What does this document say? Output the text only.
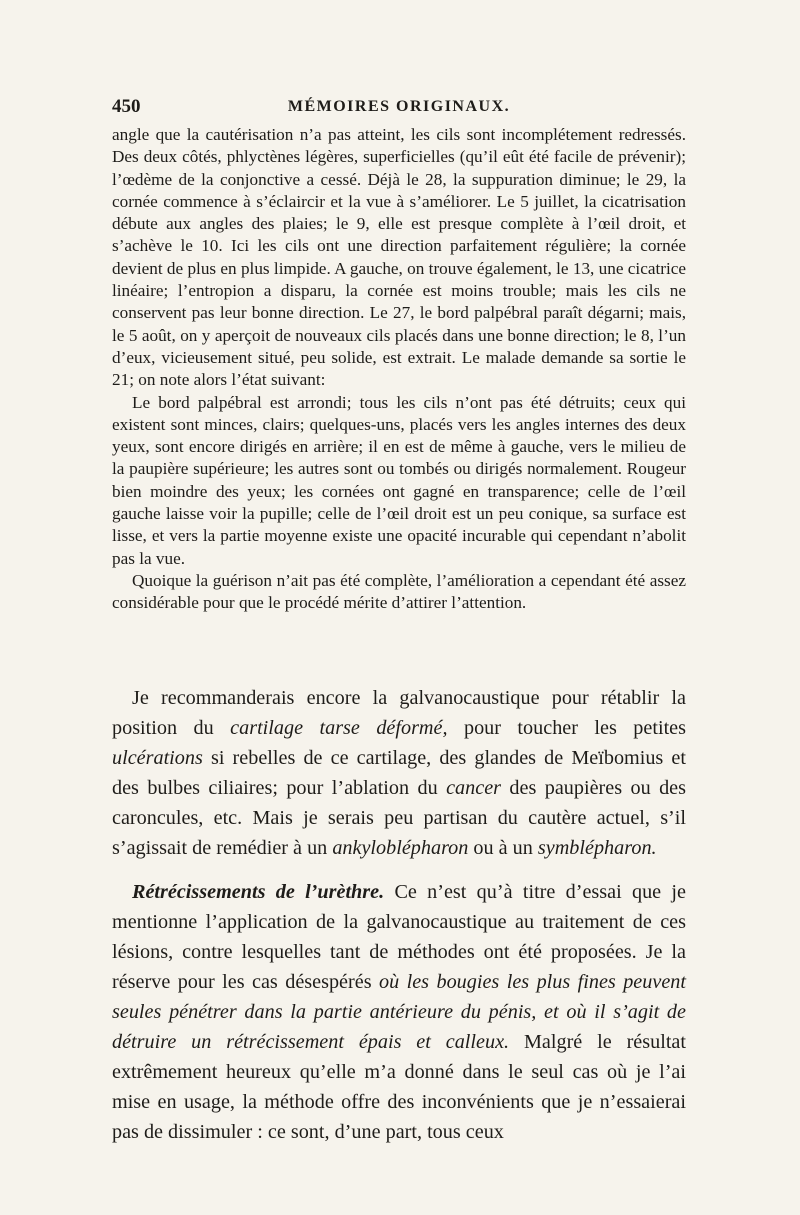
450	MÉMOIRES ORIGINAUX.

angle que la cautérisation n’a pas atteint, les cils sont incomplétement redressés. Des deux côtés, phlyctènes légères, superficielles (qu’il eût été facile de prévenir); l’œdème de la conjonctive a cessé. Déjà le 28, la suppuration diminue; le 29, la cornée commence à s’éclaircir et la vue à s’améliorer. Le 5 juillet, la cicatrisation débute aux angles des plaies; le 9, elle est presque complète à l’œil droit, et s’achève le 10. Ici les cils ont une direction parfaitement régulière; la cornée devient de plus en plus limpide. A gauche, on trouve également, le 13, une cicatrice linéaire; l’entropion a disparu, la cornée est moins trouble; mais les cils ne conservent pas leur bonne direction. Le 27, le bord palpébral paraît dégarni; mais, le 5 août, on y aperçoit de nouveaux cils placés dans une bonne direction; le 8, l’un d’eux, vicieusement situé, peu solide, est extrait. Le malade demande sa sortie le 21; on note alors l’état suivant:

Le bord palpébral est arrondi; tous les cils n’ont pas été détruits; ceux qui existent sont minces, clairs; quelques-uns, placés vers les angles internes des deux yeux, sont encore dirigés en arrière; il en est de même à gauche, vers le milieu de la paupière supérieure; les autres sont ou tombés ou dirigés normalement. Rougeur bien moindre des yeux; les cornées ont gagné en transparence; celle de l’œil gauche laisse voir la pupille; celle de l’œil droit est un peu conique, sa surface est lisse, et vers la partie moyenne existe une opacité incurable qui cependant n’abolit pas la vue.

Quoique la guérison n’ait pas été complète, l’amélioration a cependant été assez considérable pour que le procédé mérite d’attirer l’attention.

Je recommanderais encore la galvanocaustique pour rétablir la position du cartilage tarse déformé, pour toucher les petites ulcérations si rebelles de ce cartilage, des glandes de Meïbomius et des bulbes ciliaires; pour l’ablation du cancer des paupières ou des caroncules, etc. Mais je serais peu partisan du cautère actuel, s’il s’agissait de remédier à un ankyloblépharon ou à un symblépharon.

Rétrécissements de l’urèthre. Ce n’est qu’à titre d’essai que je mentionne l’application de la galvanocaustique au traitement de ces lésions, contre lesquelles tant de méthodes ont été proposées. Je la réserve pour les cas désespérés où les bougies les plus fines peuvent seules pénétrer dans la partie antérieure du pénis, et où il s’agit de détruire un rétrécissement épais et calleux. Malgré le résultat extrêmement heureux qu’elle m’a donné dans le seul cas où je l’ai mise en usage, la méthode offre des inconvénients que je n’essaierai pas de dissimuler : ce sont, d’une part, tous ceux
